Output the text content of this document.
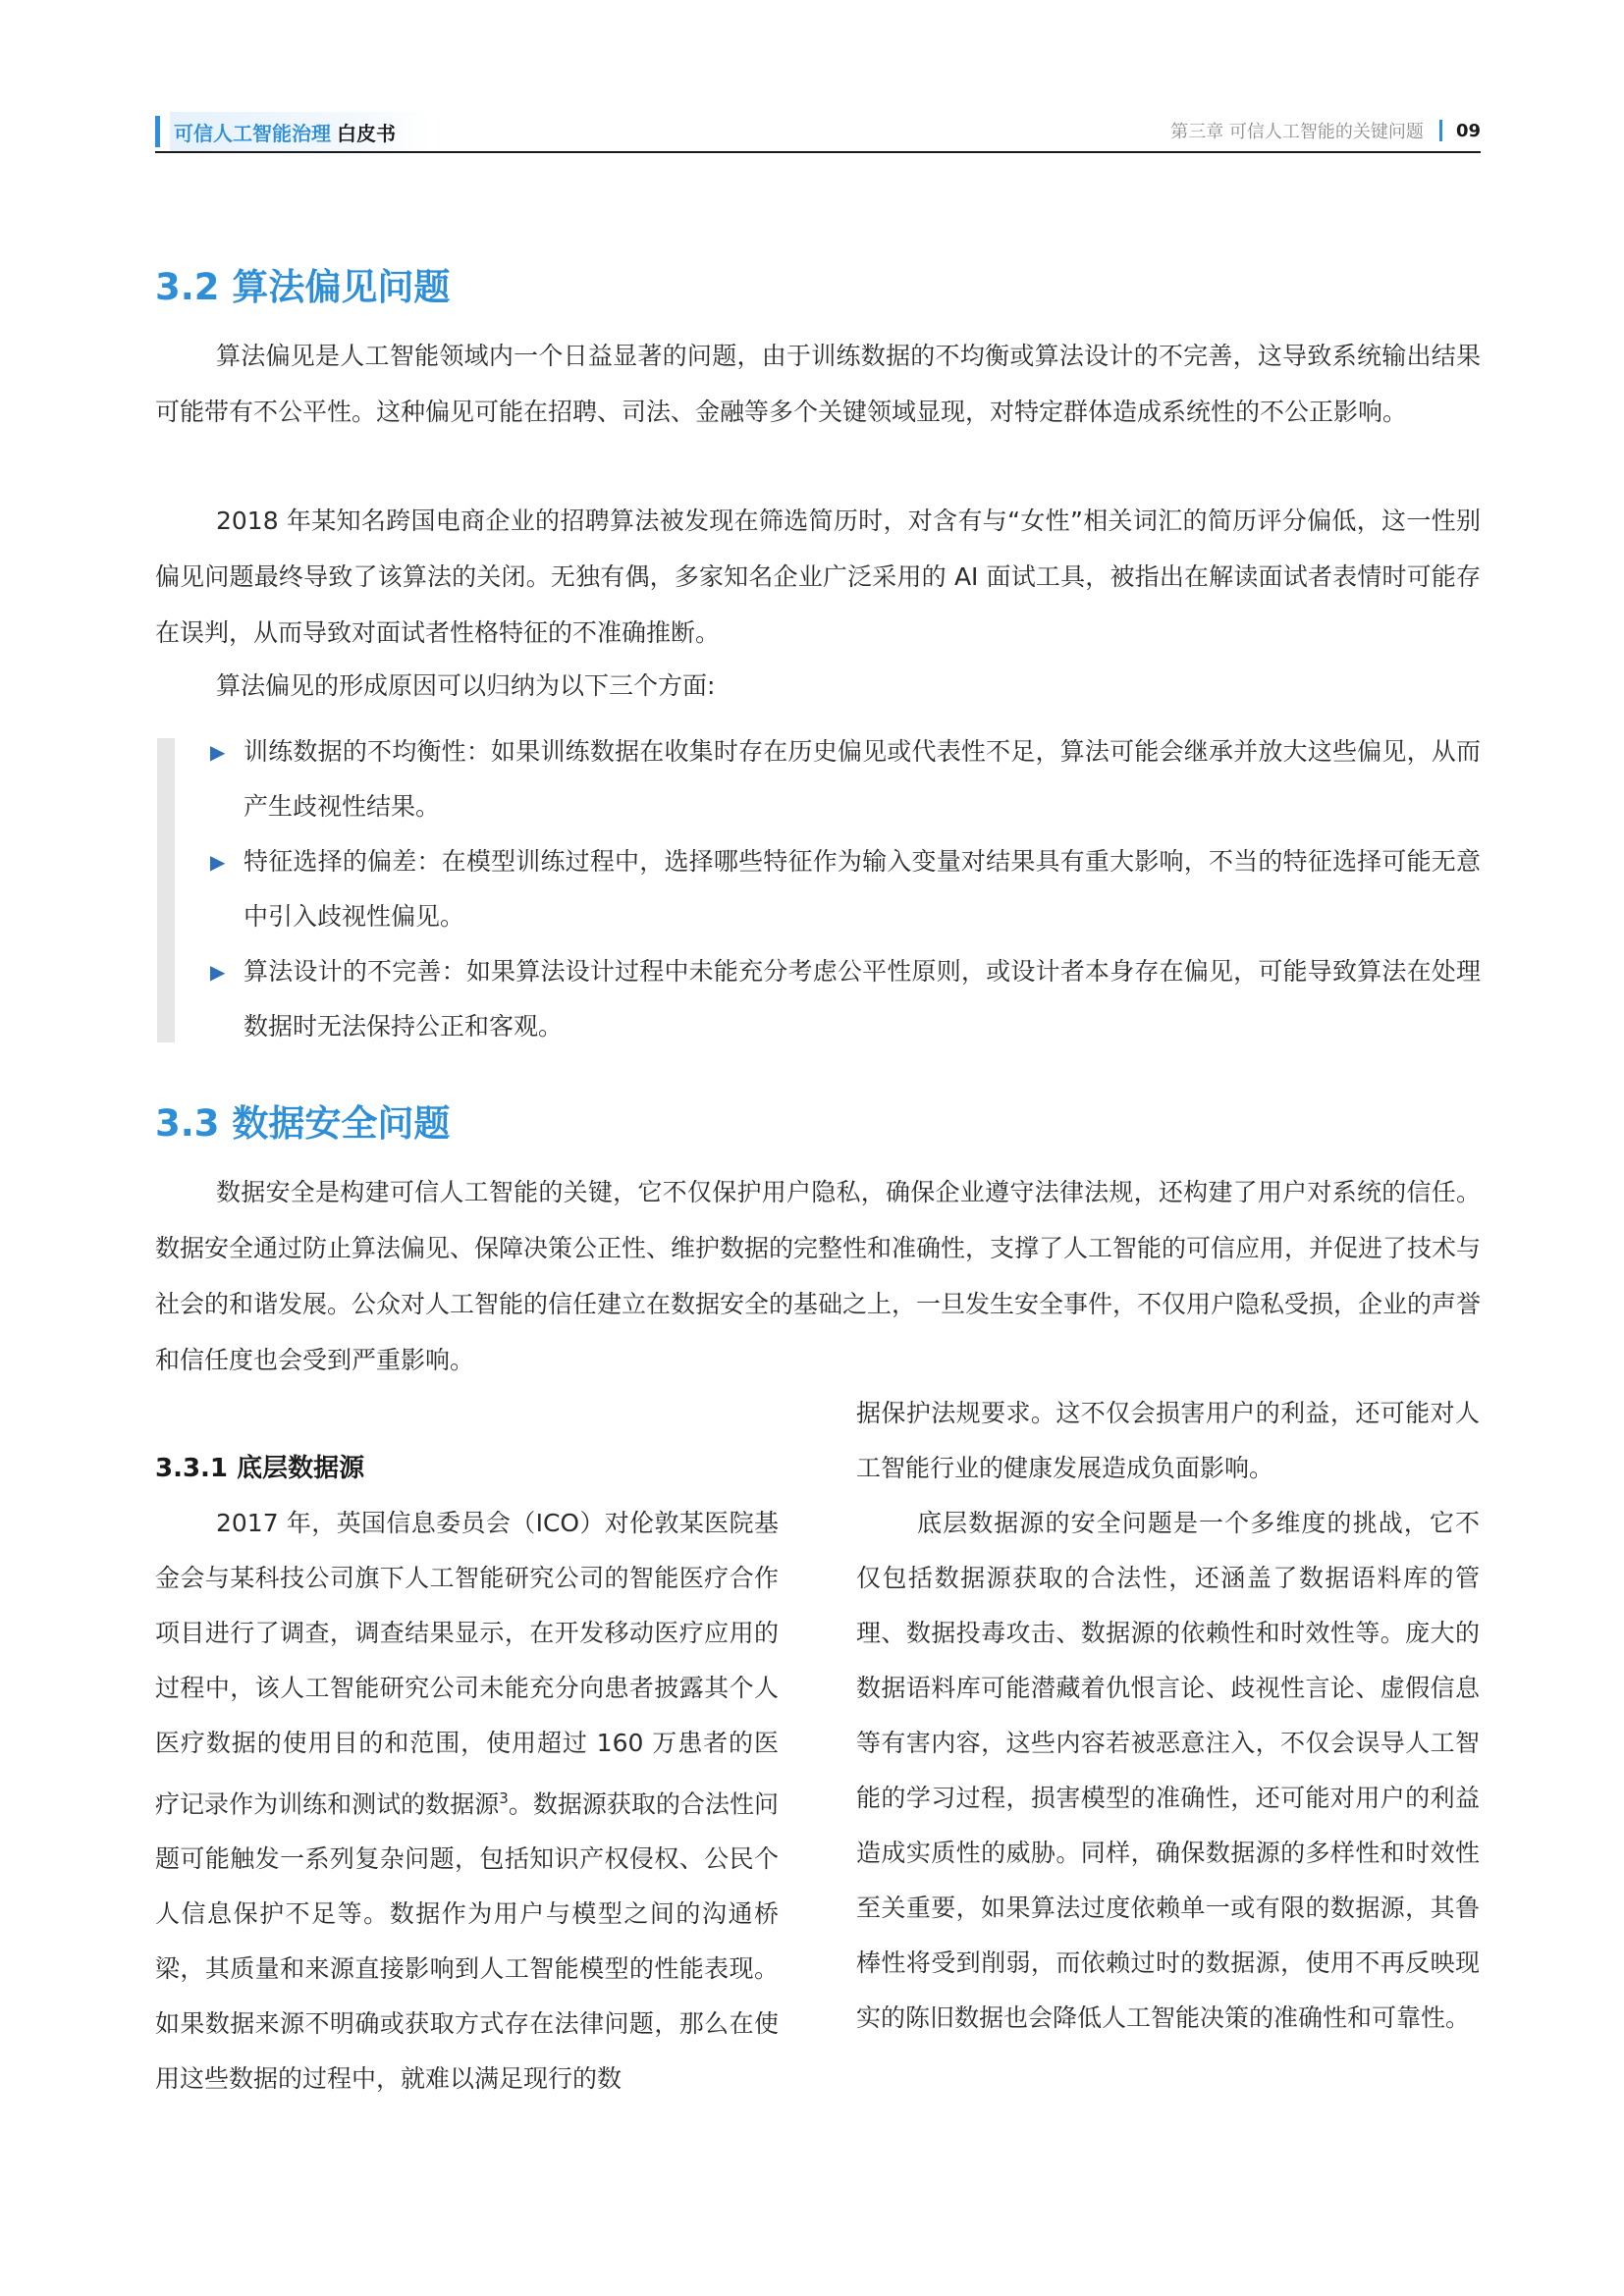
可信人工智能治理 白皮书	第三章 可信人工智能的关键问题 09
3.2 算法偏见问题

算法偏见是人工智能领域内一个日益显著的问题，由于训练数据的不均衡或算法设计的不完善，这导致系统输出结果可能带有不公平性。这种偏见可能在招聘、司法、金融等多个关键领域显现，对特定群体造成系统性的不公正影响。

2018 年某知名跨国电商企业的招聘算法被发现在筛选简历时，对含有与“女性”相关词汇的简历评分偏低，这一性别偏见问题最终导致了该算法的关闭。无独有偶，多家知名企业广泛采用的 AI 面试工具，被指出在解读面试者表情时可能存在误判，从而导致对面试者性格特征的不准确推断。

算法偏见的形成原因可以归纳为以下三个方面:

▶ 训练数据的不均衡性：如果训练数据在收集时存在历史偏见或代表性不足，算法可能会继承并放大这些偏见，从而产生歧视性结果。
▶ 特征选择的偏差：在模型训练过程中，选择哪些特征作为输入变量对结果具有重大影响，不当的特征选择可能无意中引入歧视性偏见。
▶ 算法设计的不完善：如果算法设计过程中未能充分考虑公平性原则，或设计者本身存在偏见，可能导致算法在处理数据时无法保持公正和客观。
3.3 数据安全问题

数据安全是构建可信人工智能的关键，它不仅保护用户隐私，确保企业遵守法律法规，还构建了用户对系统的信任。数据安全通过防止算法偏见、保障决策公正性、维护数据的完整性和准确性，支撑了人工智能的可信应用，并促进了技术与社会的和谐发展。公众对人工智能的信任建立在数据安全的基础之上，一旦发生安全事件，不仅用户隐私受损，企业的声誉和信任度也会受到严重影响。

3.3.1 底层数据源

2017 年，英国信息委员会（ICO）对伦敦某医院基金会与某科技公司旗下人工智能研究公司的智能医疗合作项目进行了调查，调查结果显示，在开发移动医疗应用的过程中，该人工智能研究公司未能充分向患者披露其个人医疗数据的使用目的和范围，使用超过 160 万患者的医疗记录作为训练和测试的数据源$^3$。数据源获取的合法性问题可能触发一系列复杂问题，包括知识产权侵权、公民个人信息保护不足等。数据作为用户与模型之间的沟通桥梁，其质量和来源直接影响到人工智能模型的性能表现。如果数据来源不明确或获取方式存在法律问题，那么在使用这些数据的过程中，就难以满足现行的数

据保护法规要求。这不仅会损害用户的利益，还可能对人工智能行业的健康发展造成负面影响。

底层数据源的安全问题是一个多维度的挑战，它不仅包括数据源获取的合法性，还涵盖了数据语料库的管理、数据投毒攻击、数据源的依赖性和时效性等。庞大的数据语料库可能潜藏着仇恨言论、歧视性言论、虚假信息等有害内容，这些内容若被恶意注入，不仅会误导人工智能的学习过程，损害模型的准确性，还可能对用户的利益造成实质性的威胁。同样，确保数据源的多样性和时效性至关重要，如果算法过度依赖单一或有限的数据源，其鲁棒性将受到削弱，而依赖过时的数据源，使用不再反映现实的陈旧数据也会降低人工智能决策的准确性和可靠性。
